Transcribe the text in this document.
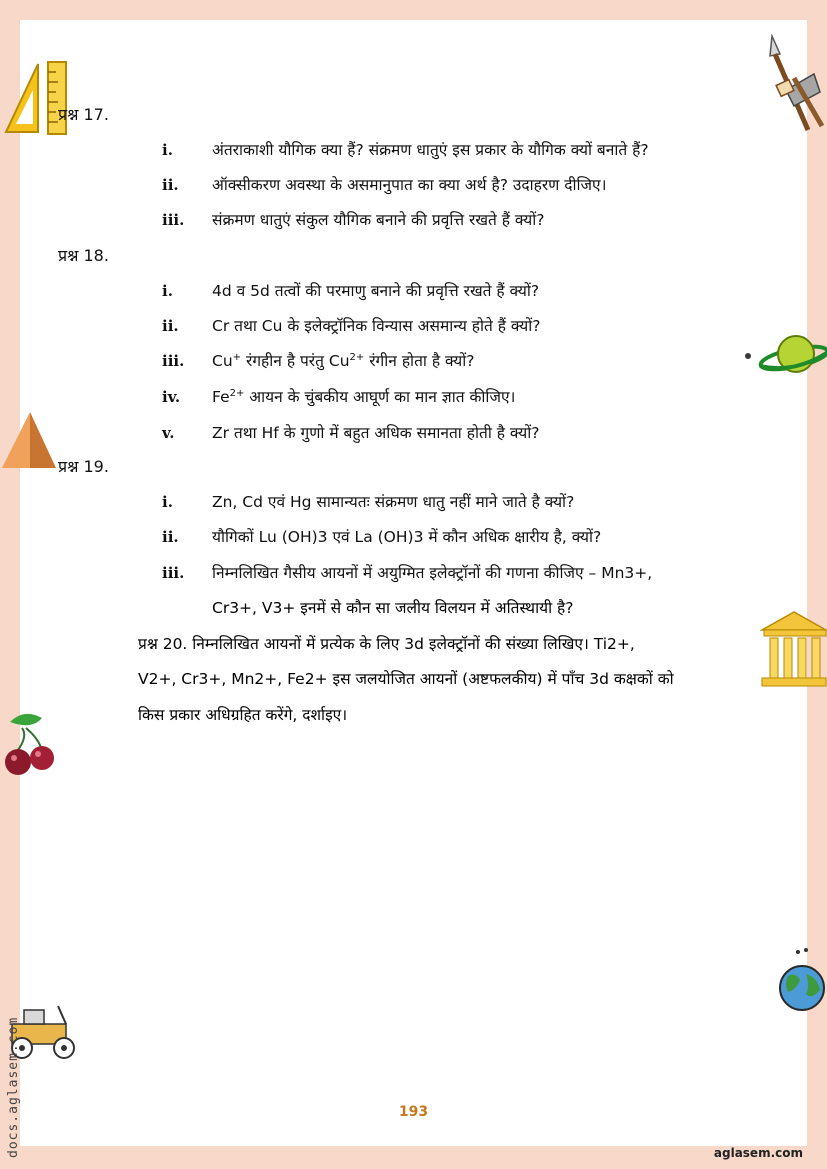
प्रश्न 17.
i.	अंतराकाशी यौगिक क्या हैं? संक्रमण धातुएं इस प्रकार के यौगिक क्यों बनाते हैं?
ii. ऑक्सीकरण अवस्था के असमानुपात का क्या अर्थ है? उदाहरण दीजिए।
iii. संक्रमण धातुएं संकुल यौगिक बनाने की प्रवृत्ति रखते हैं क्यों?
प्रश्न 18.
i.	4d व 5d तत्वों की परमाणु बनाने की प्रवृत्ति रखते हैं क्यों?
ii. Cr तथा Cu के इलेक्ट्रॉनिक विन्यास असमान्य होते हैं क्यों?
iii. Cu+ रंगहीन है परंतु $Cu^{2+}$ रंगीन होता है क्यों?
iv. $Fe^{2+}$ आयन के चुंबकीय आघूर्ण का मान ज्ञात कीजिए।
v. Zr तथा Hf के गुणो में बहुत अधिक समानता होती है क्यों?
प्रश्न 19.
i.	Zn, Cd एवं Hg सामान्यतः संक्रमण धातु नहीं माने जाते है क्यों?
ii. यौगिकों Lu (OH)3 एवं La (OH)3 में कौन अधिक क्षारीय है, क्यों?
iii. निम्नलिखित गैसीय आयनों में अयुग्मित इलेक्ट्रॉनों की गणना कीजिए – Mn3+,
Cr3+, V3+ इनमें से कौन सा जलीय विलयन में अतिस्थायी है?
प्रश्न 20. निम्नलिखित आयनों में प्रत्येक के लिए 3d इलेक्ट्रॉनों की संख्या लिखिए। Ti2+,
V2+, Cr3+, Mn2+, Fe2+ इस जलयोजित आयनों (अष्टफलकीय) में पाँच 3d कक्षकों को
किस प्रकार अधिग्रहित करेंगे, दर्शाइए।
193
aglasem.com
docs.aglasem.com
